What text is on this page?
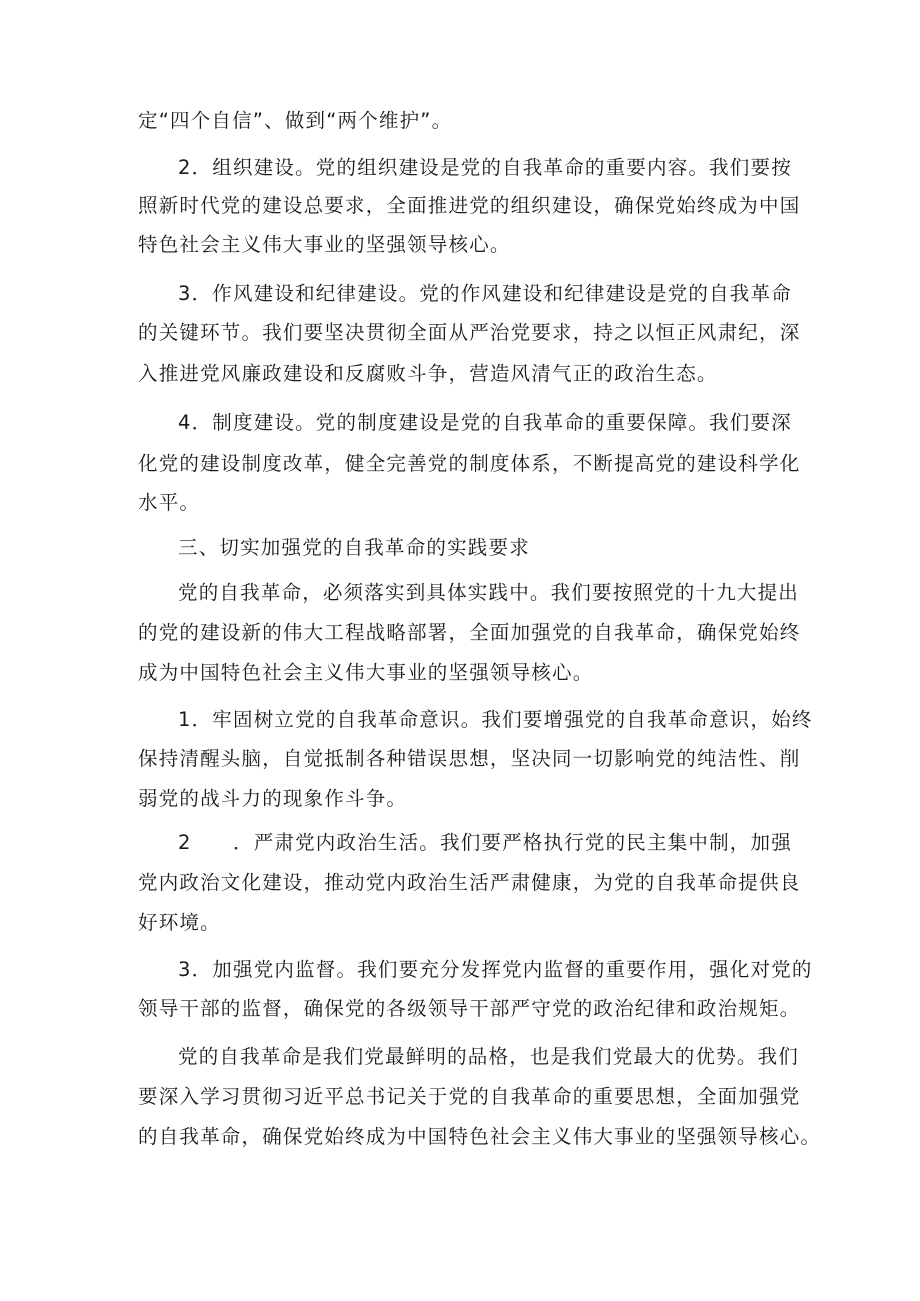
定“四个自信”、做到“两个维护”。
2．组织建设。党的组织建设是党的自我革命的重要内容。我们要按
照新时代党的建设总要求，全面推进党的组织建设，确保党始终成为中国
特色社会主义伟大事业的坚强领导核心。
3．作风建设和纪律建设。党的作风建设和纪律建设是党的自我革命
的关键环节。我们要坚决贯彻全面从严治党要求，持之以恒正风肃纪，深
入推进党风廉政建设和反腐败斗争，营造风清气正的政治生态。
4．制度建设。党的制度建设是党的自我革命的重要保障。我们要深
化党的建设制度改革，健全完善党的制度体系，不断提高党的建设科学化
水平。
三、切实加强党的自我革命的实践要求
党的自我革命，必须落实到具体实践中。我们要按照党的十九大提出
的党的建设新的伟大工程战略部署，全面加强党的自我革命，确保党始终
成为中国特色社会主义伟大事业的坚强领导核心。
1．牢固树立党的自我革命意识。我们要增强党的自我革命意识，始终
保持清醒头脑，自觉抵制各种错误思想，坚决同一切影响党的纯洁性、削
弱党的战斗力的现象作斗争。
2　　．严肃党内政治生活。我们要严格执行党的民主集中制，加强
党内政治文化建设，推动党内政治生活严肃健康，为党的自我革命提供良
好环境。
3．加强党内监督。我们要充分发挥党内监督的重要作用，强化对党的
领导干部的监督，确保党的各级领导干部严守党的政治纪律和政治规矩。
党的自我革命是我们党最鲜明的品格，也是我们党最大的优势。我们
要深入学习贯彻习近平总书记关于党的自我革命的重要思想，全面加强党
的自我革命，确保党始终成为中国特色社会主义伟大事业的坚强领导核心。
